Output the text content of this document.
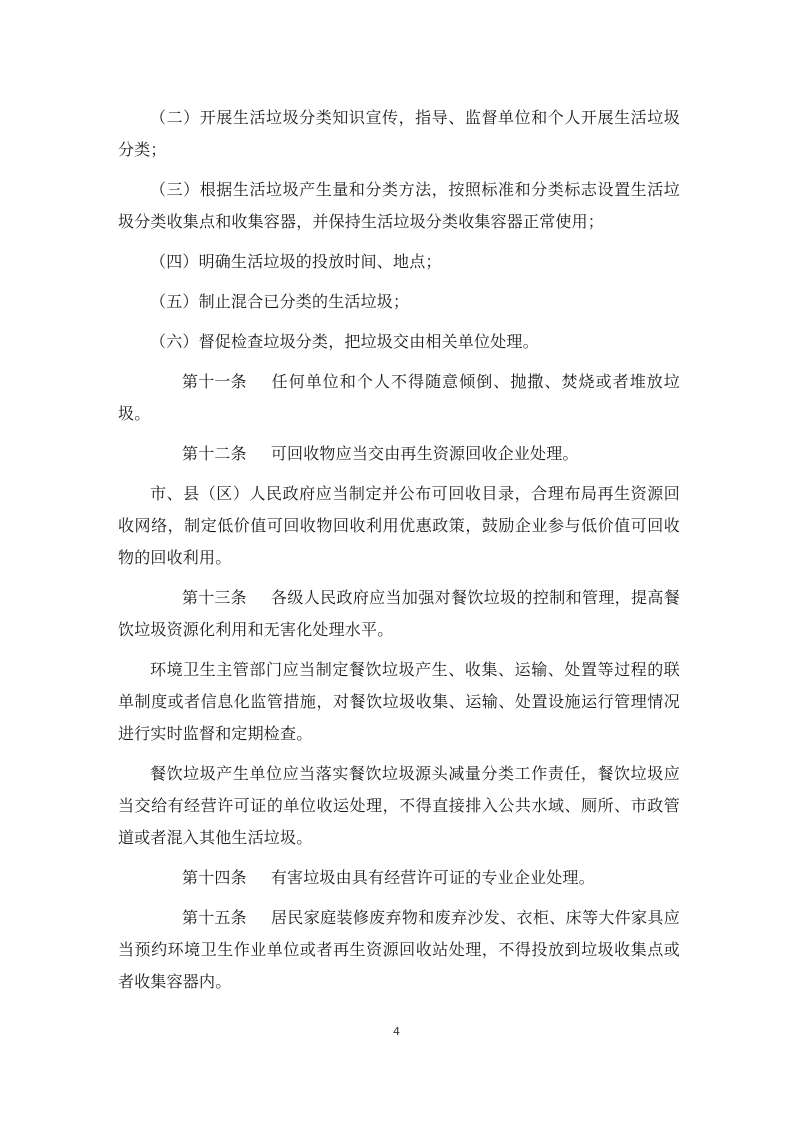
（二）开展生活垃圾分类知识宣传，指导、监督单位和个人开展生活垃圾分类；

（三）根据生活垃圾产生量和分类方法，按照标准和分类标志设置生活垃圾分类收集点和收集容器，并保持生活垃圾分类收集容器正常使用；

（四）明确生活垃圾的投放时间、地点；

（五）制止混合已分类的生活垃圾；

（六）督促检查垃圾分类，把垃圾交由相关单位处理。

第十一条 任何单位和个人不得随意倾倒、抛撒、焚烧或者堆放垃圾。

第十二条 可回收物应当交由再生资源回收企业处理。

市、县（区）人民政府应当制定并公布可回收目录，合理布局再生资源回收网络，制定低价值可回收物回收利用优惠政策，鼓励企业参与低价值可回收物的回收利用。

第十三条 各级人民政府应当加强对餐饮垃圾的控制和管理，提高餐饮垃圾资源化利用和无害化处理水平。

环境卫生主管部门应当制定餐饮垃圾产生、收集、运输、处置等过程的联单制度或者信息化监管措施，对餐饮垃圾收集、运输、处置设施运行管理情况进行实时监督和定期检查。

餐饮垃圾产生单位应当落实餐饮垃圾源头减量分类工作责任，餐饮垃圾应当交给有经营许可证的单位收运处理，不得直接排入公共水域、厕所、市政管道或者混入其他生活垃圾。

第十四条 有害垃圾由具有经营许可证的专业企业处理。

第十五条 居民家庭装修废弃物和废弃沙发、衣柜、床等大件家具应当预约环境卫生作业单位或者再生资源回收站处理，不得投放到垃圾收集点或者收集容器内。

4
